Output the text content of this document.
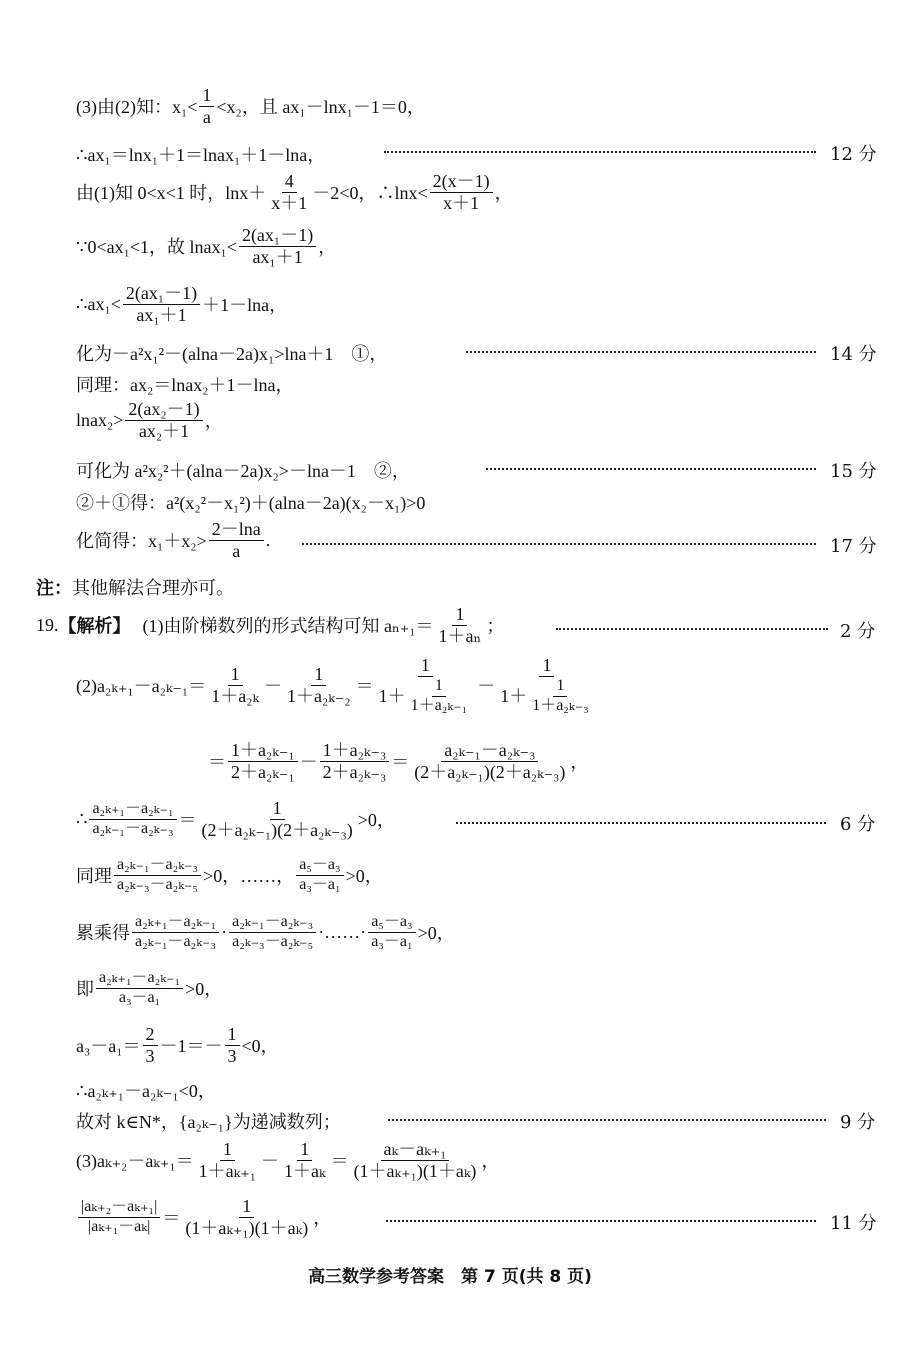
(3)由(2)知：$x_1< \frac{1}{a} <x_2$，且 ax₁－lnx₁－1＝0，
∴ax₁＝lnx₁＋1＝lnax₁＋1－lna，	12 分
由(1)知 0<x<1 时，$\ln x+ \frac{4}{x+1} -2<0$，∴lnx< $\frac{2(x-1)}{x+1}$ ，
∵0<ax₁<1，故 lnax₁< $\frac{\text{2(ax₁－1)}}{\text{ax₁＋1}}$ ，
∴ax₁< $\frac{\text{2(ax₁－1)}}{\text{ax₁＋1}} +1-\ln a$，
化为－a²x₁²－(alna－2a)x₁>lna＋1　①，	14 分
同理：ax₂＝lnax₂＋1－lna，
lnax₂> $\frac{\text{2(ax₂－1)}}{\text{ax₂＋1}}$ ，
可化为 a²x₂²＋(alna－2a)x₂>－lna－1　②，	15 分
②＋①得：a²(x₂²－x₁²)＋(alna－2a)(x₂－x₁)>0
化简得：$x_1+x_2> \frac{2-\ln a}{a}$ .	17 分
注： 其他解法合理亦可。
19. 【解析】 (1)由阶梯数列的形式结构可知 $a_{n+1}= \frac{1}{\text{1＋aₙ}}$ ；	2 分
$(2)a_{2k+1}-a_{2k-1}= \frac{1}{\text{1＋a₂ₖ}} - \frac{1}{\text{1＋a₂ₖ₋₂}} = \frac{1}{1+ \frac{1}{\text{1＋a₂ₖ₋₁}}} - \frac{1}{1+ \frac{1}{\text{1＋a₂ₖ₋₃}}}$
＝ $\frac{\text{1＋a₂ₖ₋₁}}{\text{2＋a₂ₖ₋₁}} - \frac{\text{1＋a₂ₖ₋₃}}{\text{2＋a₂ₖ₋₃}} = \frac{\text{a₂ₖ₋₁－a₂ₖ₋₃}}{\text{(2＋a₂ₖ₋₁)(2＋a₂ₖ₋₃)}}$ ，
∴ $\frac{\text{a₂ₖ₊₁－a₂ₖ₋₁}}{\text{a₂ₖ₋₁－a₂ₖ₋₃}} = \frac{1}{\text{(2＋a₂ₖ₋₁)(2＋a₂ₖ₋₃)}} >0$，	6 分
同理 $\frac{\text{a₂ₖ₋₁－a₂ₖ₋₃}}{\text{a₂ₖ₋₃－a₂ₖ₋₅}} >0$，……， $\frac{\text{a₅－a₃}}{\text{a₃－a₁}} >0$，
累乘得 $\frac{\text{a₂ₖ₊₁－a₂ₖ₋₁}}{\text{a₂ₖ₋₁－a₂ₖ₋₃}} \cdot \frac{\text{a₂ₖ₋₁－a₂ₖ₋₃}}{\text{a₂ₖ₋₃－a₂ₖ₋₅}}$ ·……· $\frac{\text{a₅－a₃}}{\text{a₃－a₁}} >0$，
即 $\frac{\text{a₂ₖ₊₁－a₂ₖ₋₁}}{\text{a₃－a₁}} >0$，
$a_3-a_1= \frac{2}{3} -1=- \frac{1}{3} <0$，
∴a₂ₖ₊₁－a₂ₖ₋₁<0，
故对 k∈N*，{a₂ₖ₋₁}为递减数列；	9 分
$(3)a_{k+2}-a_{k+1}= \frac{1}{\text{1＋aₖ₊₁}} - \frac{1}{\text{1＋aₖ}} = \frac{\text{aₖ－aₖ₊₁}}{\text{(1＋aₖ₊₁)(1＋aₖ)}}$ ，
$\frac{\text{|aₖ₊₂－aₖ₊₁|}}{\text{|aₖ₊₁－aₖ|}} = \frac{1}{\text{(1＋aₖ₊₁)(1＋aₖ)}}$ ，	11 分
高三数学参考答案　第 7 页(共 8 页)
